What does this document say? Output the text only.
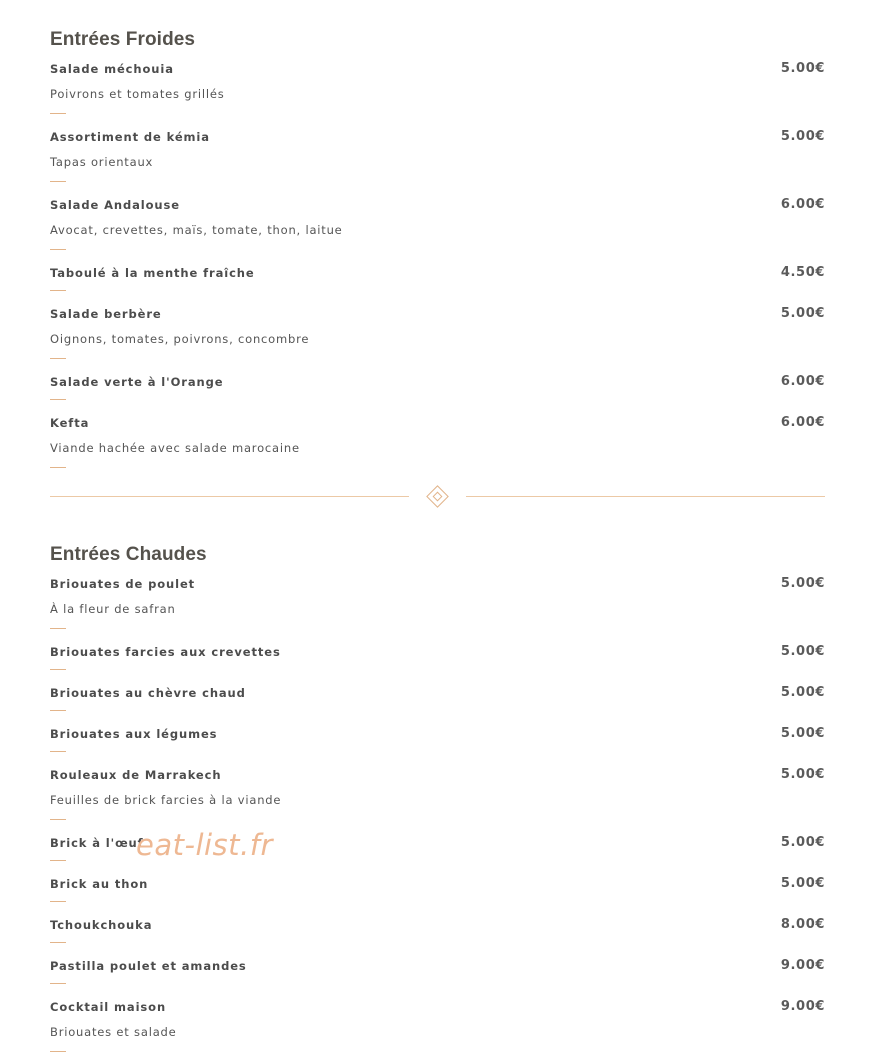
Entrées Froides
Salade méchouia	5.00€
Poivrons et tomates grillés
Assortiment de kémia	5.00€
Tapas orientaux
Salade Andalouse	6.00€
Avocat, crevettes, maïs, tomate, thon, laitue
Taboulé à la menthe fraîche	4.50€
Salade berbère	5.00€
Oignons, tomates, poivrons, concombre
Salade verte à l'Orange	6.00€
Kefta	6.00€
Viande hachée avec salade marocaine
Entrées Chaudes
Briouates de poulet	5.00€
À la fleur de safran
Briouates farcies aux crevettes	5.00€
Briouates au chèvre chaud	5.00€
Briouates aux légumes	5.00€
Rouleaux de Marrakech	5.00€
Feuilles de brick farcies à la viande
Brick à l'œuf	5.00€
Brick au thon	5.00€
Tchoukchouka	8.00€
Pastilla poulet et amandes	9.00€
Cocktail maison	9.00€
Briouates et salade
eat-list.fr
